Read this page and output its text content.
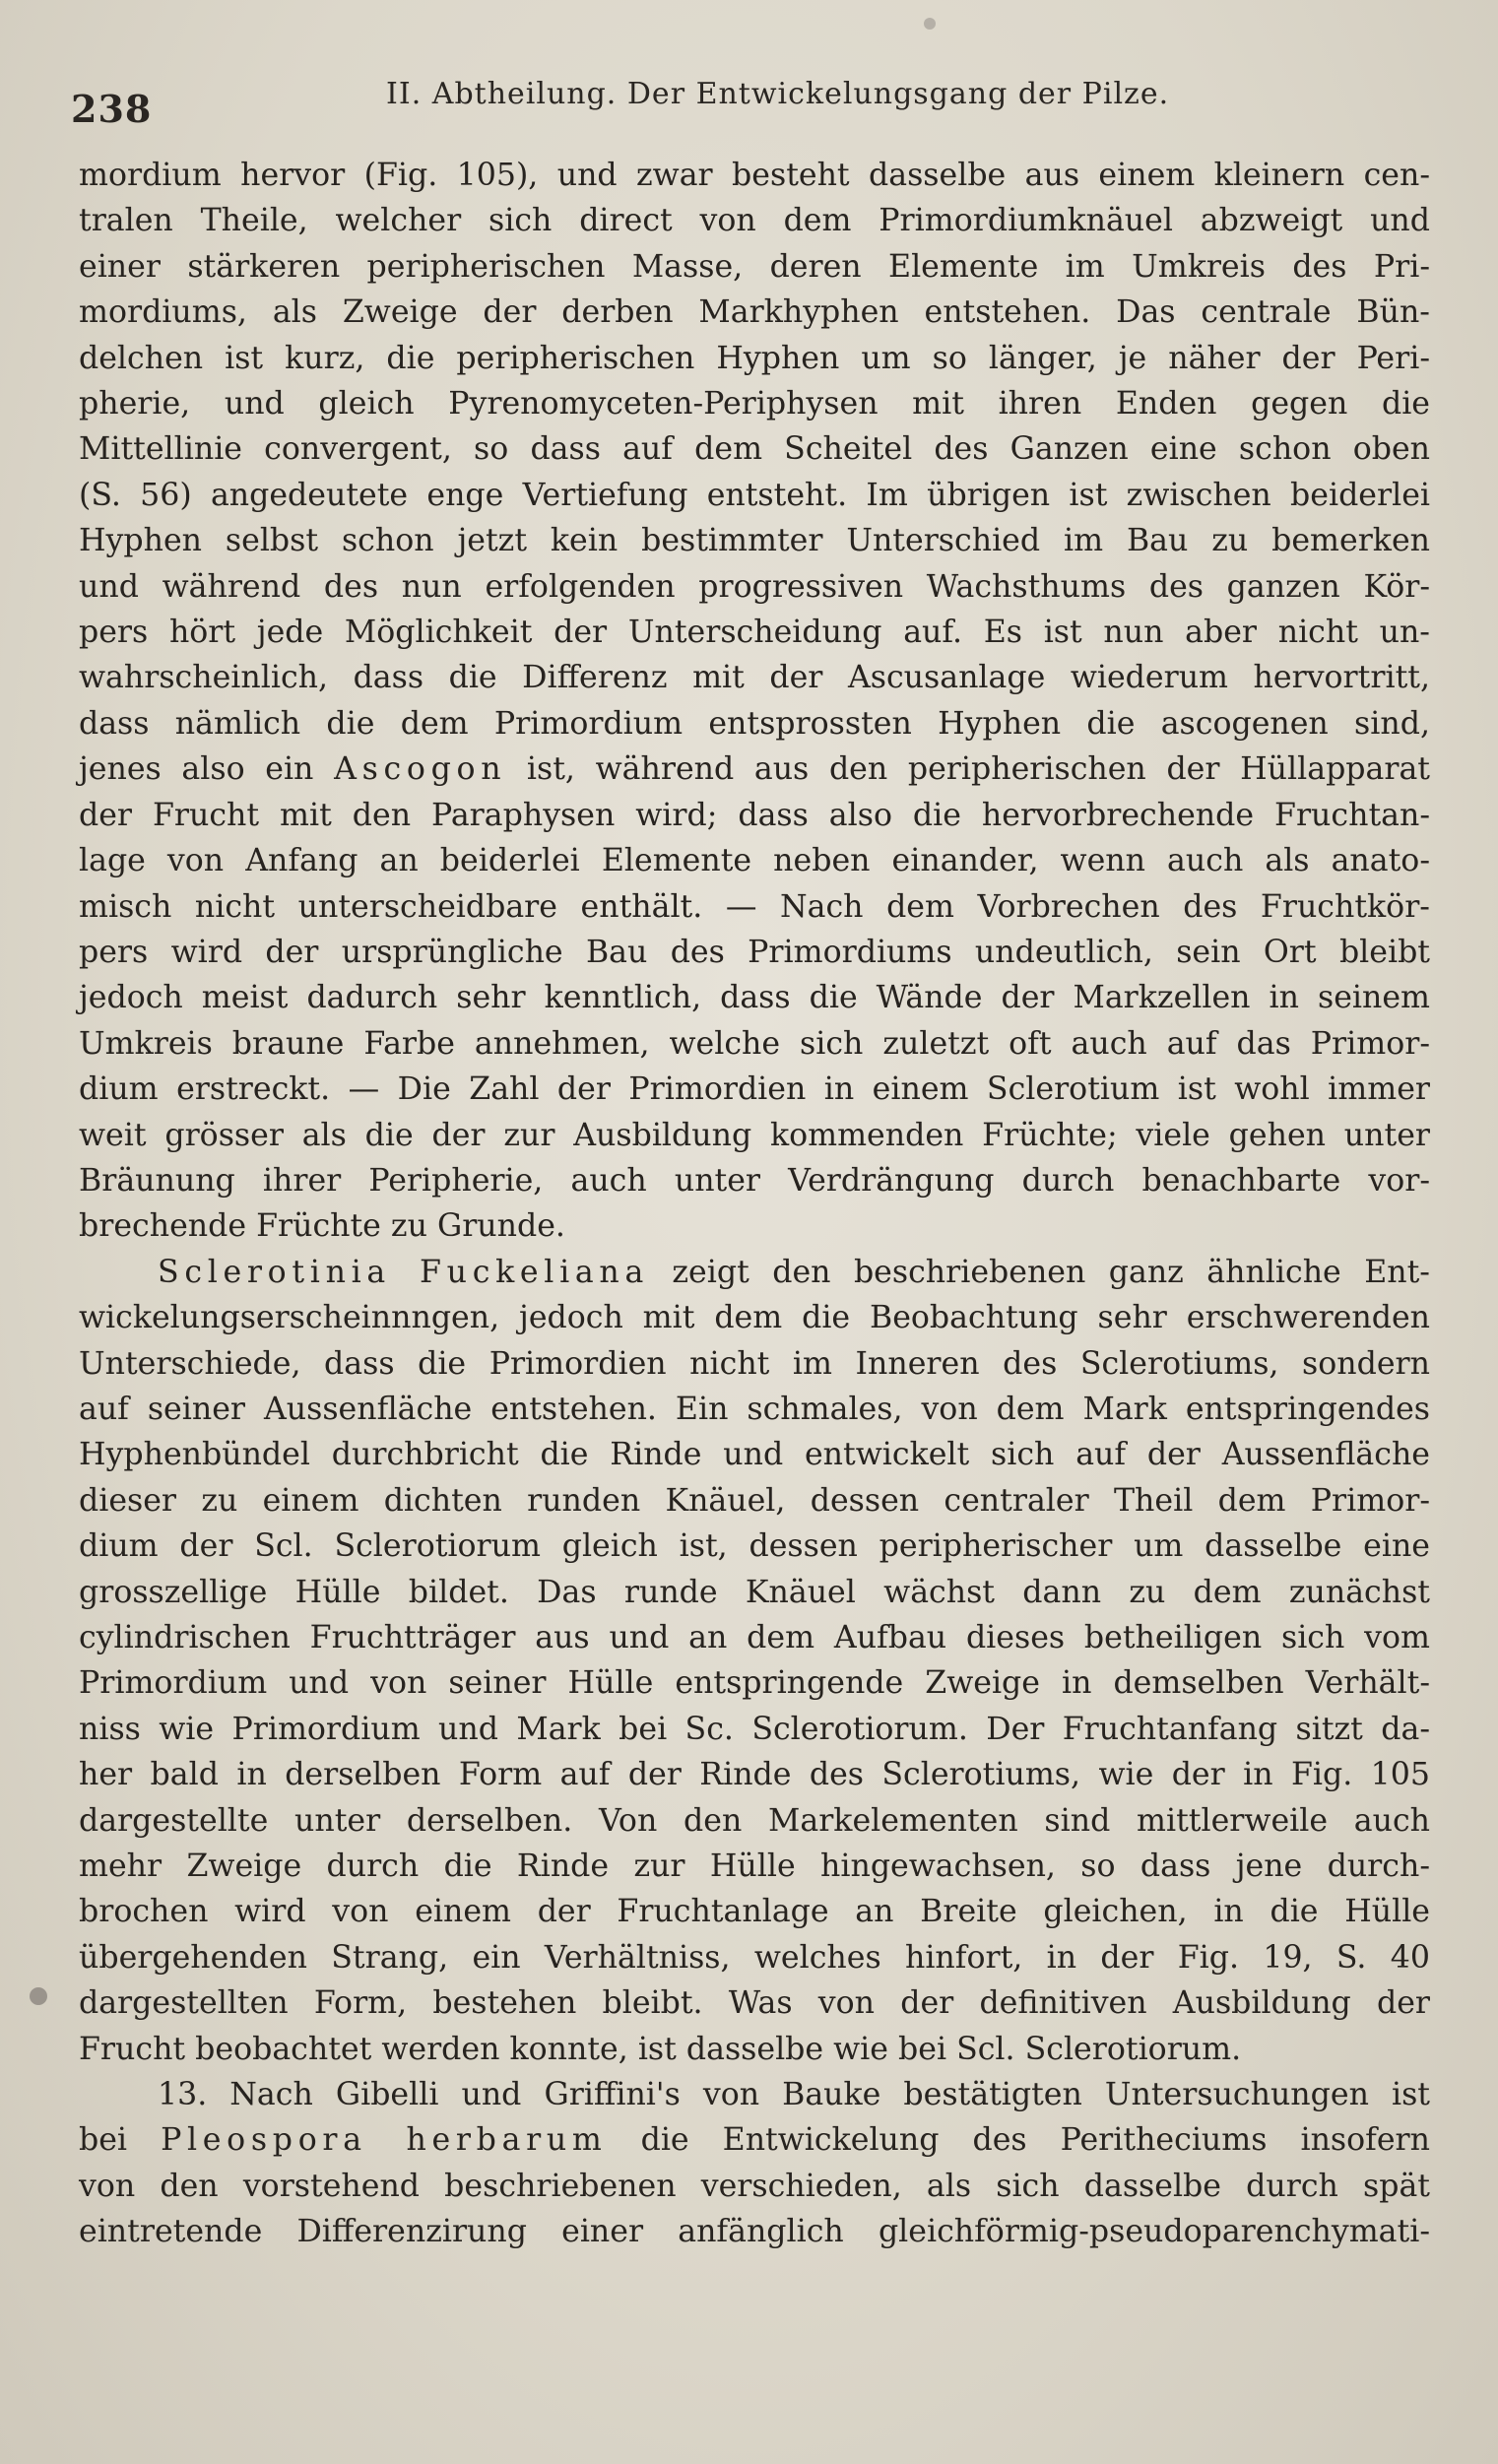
238	II. Abtheilung. Der Entwickelungsgang der Pilze.
mordium hervor (Fig. 105), und zwar besteht dasselbe aus einem kleinern cen-
tralen Theile, welcher sich direct von dem Primordiumknäuel abzweigt und
einer stärkeren peripherischen Masse, deren Elemente im Umkreis des Pri-
mordiums, als Zweige der derben Markhyphen entstehen. Das centrale Bün-
delchen ist kurz, die peripherischen Hyphen um so länger, je näher der Peri-
pherie, und gleich Pyrenomyceten-Periphysen mit ihren Enden gegen die
Mittellinie convergent, so dass auf dem Scheitel des Ganzen eine schon oben
(S. 56) angedeutete enge Vertiefung entsteht. Im übrigen ist zwischen beiderlei
Hyphen selbst schon jetzt kein bestimmter Unterschied im Bau zu bemerken
und während des nun erfolgenden progressiven Wachsthums des ganzen Kör-
pers hört jede Möglichkeit der Unterscheidung auf. Es ist nun aber nicht un-
wahrscheinlich, dass die Differenz mit der Ascusanlage wiederum hervortritt,
dass nämlich die dem Primordium entsprossten Hyphen die ascogenen sind,
jenes also ein Ascogon ist, während aus den peripherischen der Hüllapparat
der Frucht mit den Paraphysen wird; dass also die hervorbrechende Fruchtan-
lage von Anfang an beiderlei Elemente neben einander, wenn auch als anato-
misch nicht unterscheidbare enthält. — Nach dem Vorbrechen des Fruchtkör-
pers wird der ursprüngliche Bau des Primordiums undeutlich, sein Ort bleibt
jedoch meist dadurch sehr kenntlich, dass die Wände der Markzellen in seinem
Umkreis braune Farbe annehmen, welche sich zuletzt oft auch auf das Primor-
dium erstreckt. — Die Zahl der Primordien in einem Sclerotium ist wohl immer
weit grösser als die der zur Ausbildung kommenden Früchte; viele gehen unter
Bräunung ihrer Peripherie, auch unter Verdrängung durch benachbarte vor-
brechende Früchte zu Grunde.
Sclerotinia Fuckeliana zeigt den beschriebenen ganz ähnliche Ent-
wickelungserscheinnngen, jedoch mit dem die Beobachtung sehr erschwerenden
Unterschiede, dass die Primordien nicht im Inneren des Sclerotiums, sondern
auf seiner Aussenfläche entstehen. Ein schmales, von dem Mark entspringendes
Hyphenbündel durchbricht die Rinde und entwickelt sich auf der Aussenfläche
dieser zu einem dichten runden Knäuel, dessen centraler Theil dem Primor-
dium der Scl. Sclerotiorum gleich ist, dessen peripherischer um dasselbe eine
grosszellige Hülle bildet. Das runde Knäuel wächst dann zu dem zunächst
cylindrischen Fruchtträger aus und an dem Aufbau dieses betheiligen sich vom
Primordium und von seiner Hülle entspringende Zweige in demselben Verhält-
niss wie Primordium und Mark bei Sc. Sclerotiorum. Der Fruchtanfang sitzt da-
her bald in derselben Form auf der Rinde des Sclerotiums, wie der in Fig. 105
dargestellte unter derselben. Von den Markelementen sind mittlerweile auch
mehr Zweige durch die Rinde zur Hülle hingewachsen, so dass jene durch-
brochen wird von einem der Fruchtanlage an Breite gleichen, in die Hülle
übergehenden Strang, ein Verhältniss, welches hinfort, in der Fig. 19, S. 40
dargestellten Form, bestehen bleibt. Was von der definitiven Ausbildung der
Frucht beobachtet werden konnte, ist dasselbe wie bei Scl. Sclerotiorum.
13. Nach Gibelli und Griffini's von Bauke bestätigten Untersuchungen ist
bei Pleospora herbarum die Entwickelung des Peritheciums insofern
von den vorstehend beschriebenen verschieden, als sich dasselbe durch spät
eintretende Differenzirung einer anfänglich gleichförmig-pseudoparenchymati-
